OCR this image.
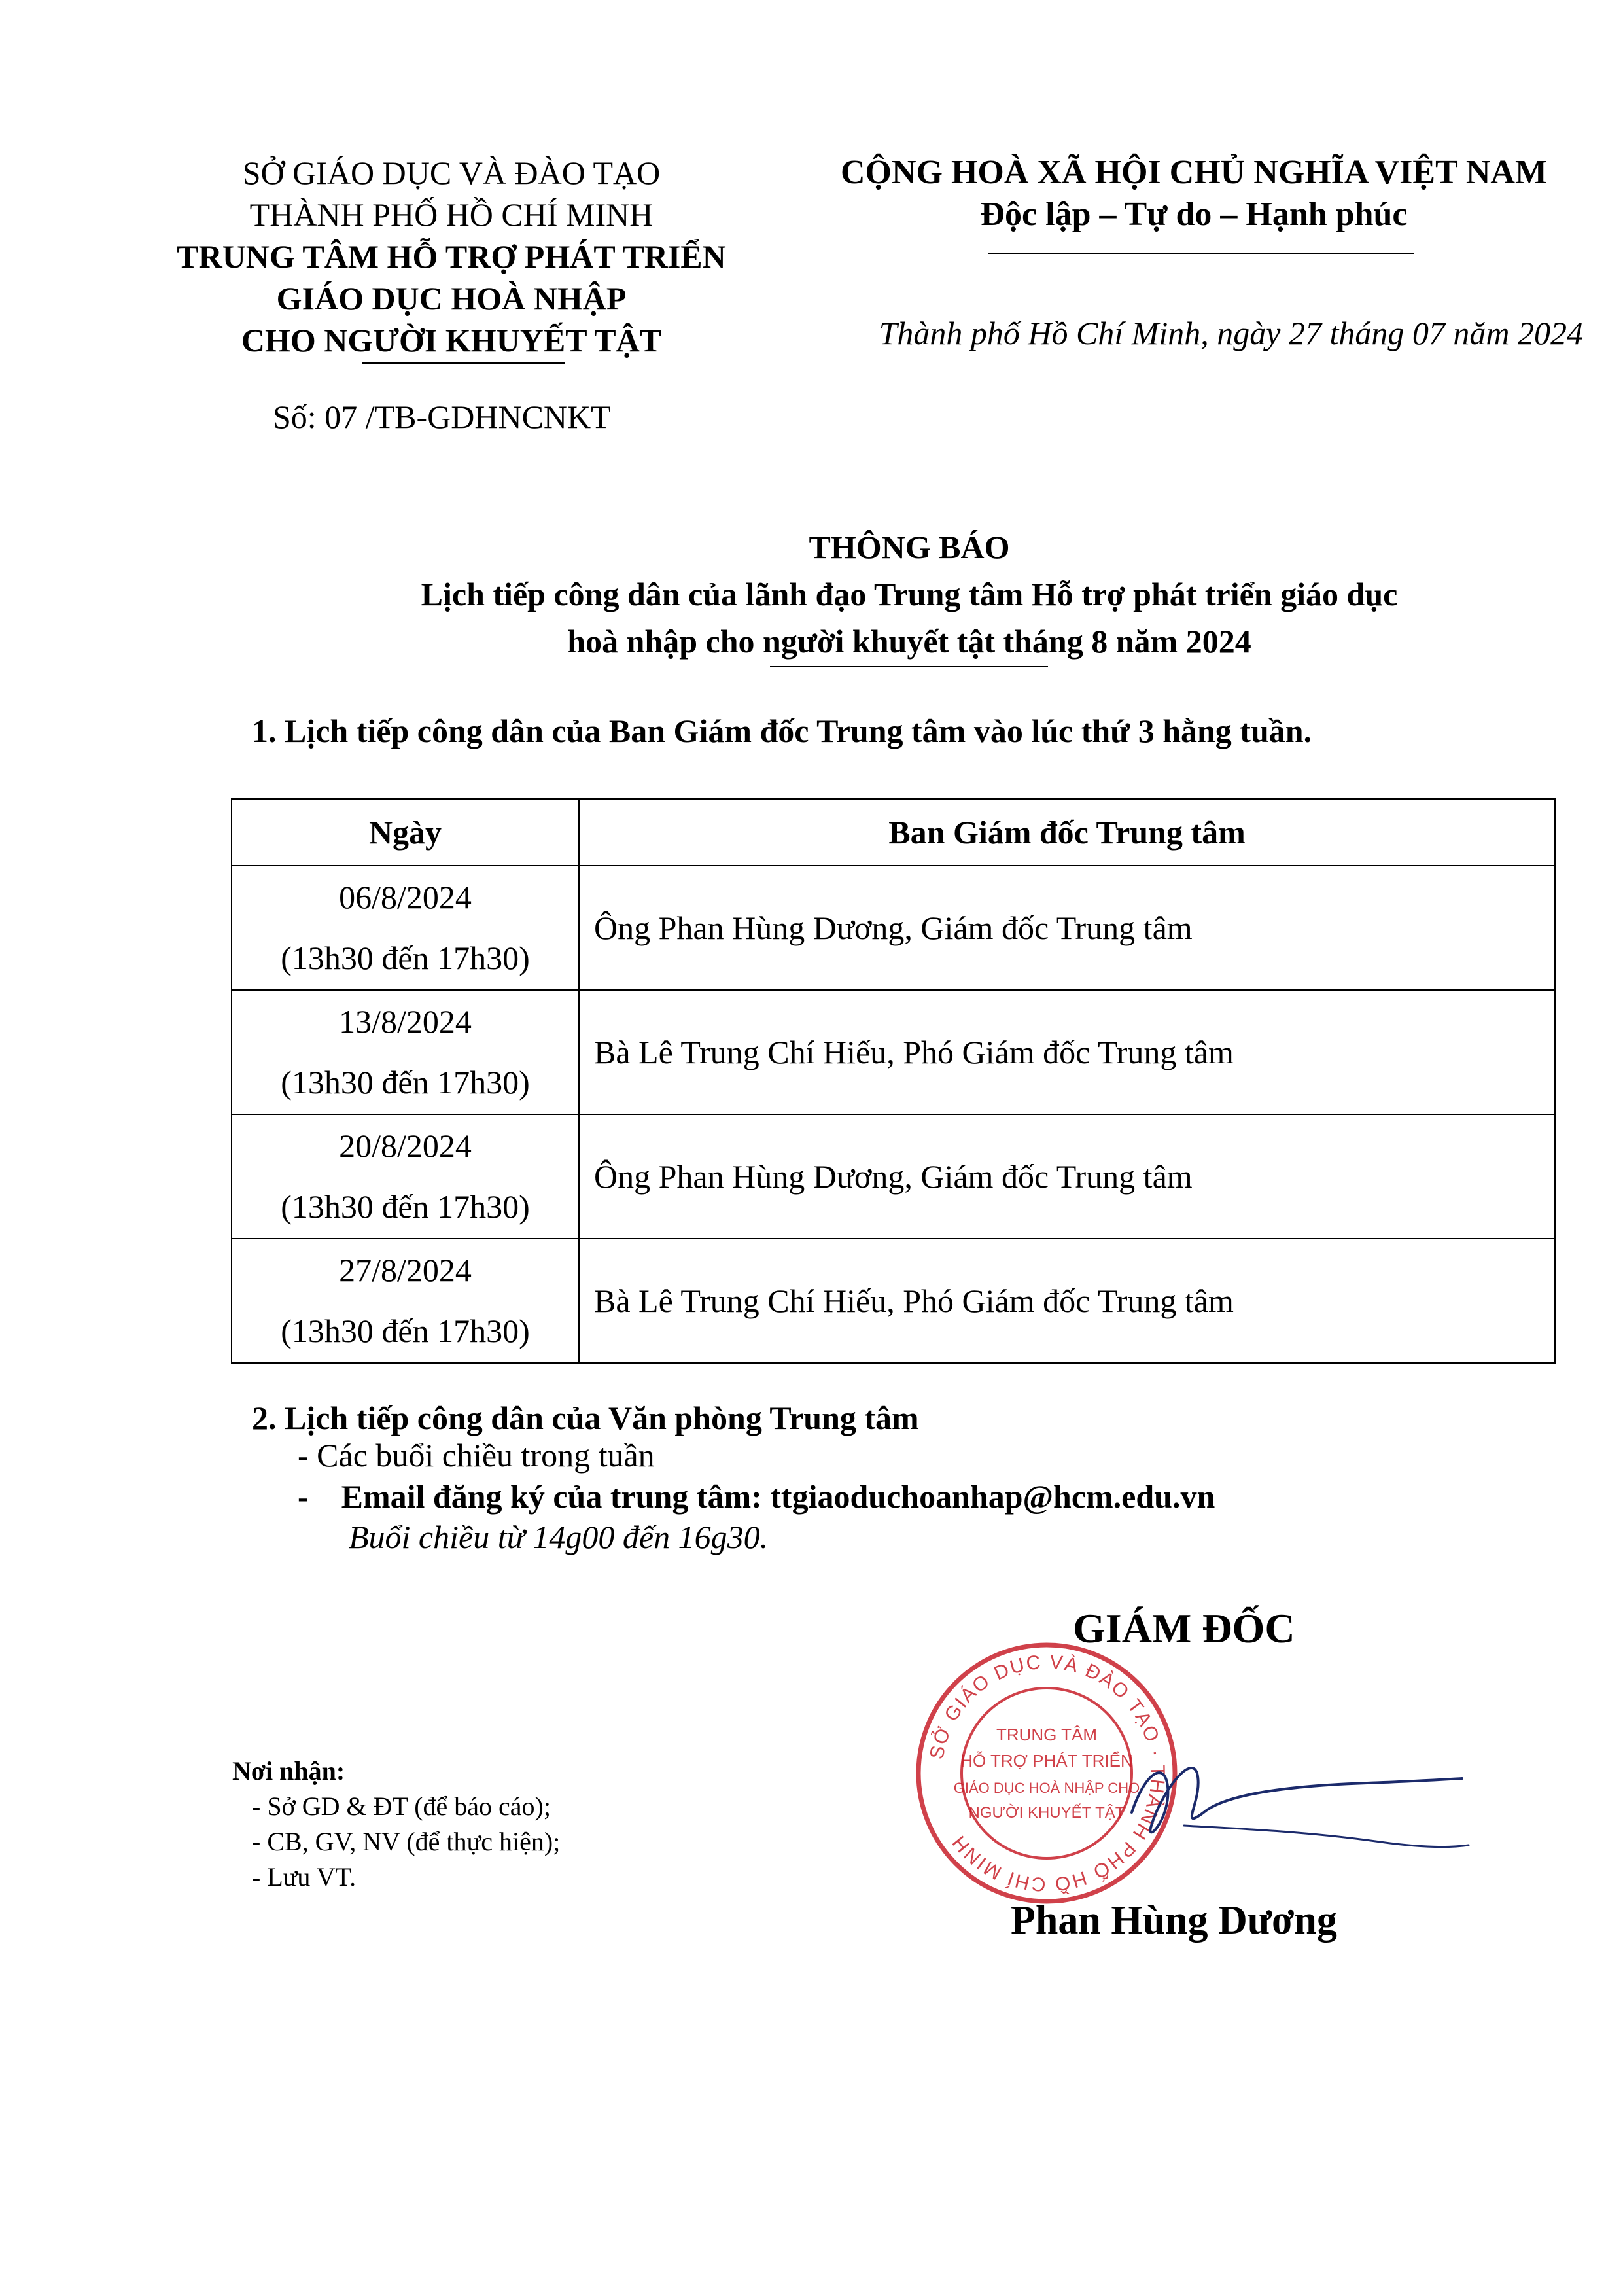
SỞ GIÁO DỤC VÀ ĐÀO TẠO
THÀNH PHỐ HỒ CHÍ MINH
TRUNG TÂM HỖ TRỢ PHÁT TRIỂN
GIÁO DỤC HOÀ NHẬP
CHO NGƯỜI KHUYẾT TẬT
CỘNG HOÀ XÃ HỘI CHỦ NGHĨA VIỆT NAM
Độc lập – Tự do – Hạnh phúc
Thành phố Hồ Chí Minh, ngày 27 tháng 07 năm 2024
Số: 07 /TB-GDHNCNKT
THÔNG BÁO
Lịch tiếp công dân của lãnh đạo Trung tâm Hỗ trợ phát triển giáo dục
hoà nhập cho người khuyết tật tháng 8 năm 2024
1. Lịch tiếp công dân của Ban Giám đốc Trung tâm vào lúc thứ 3 hằng tuần.
Ngày	Ban Giám đốc Trung tâm

06/8/2024
(13h30 đến 17h30)	Ông Phan Hùng Dương, Giám đốc Trung tâm

13/8/2024
(13h30 đến 17h30)	Bà Lê Trung Chí Hiếu, Phó Giám đốc Trung tâm

20/8/2024
(13h30 đến 17h30)	Ông Phan Hùng Dương, Giám đốc Trung tâm

27/8/2024
(13h30 đến 17h30)	Bà Lê Trung Chí Hiếu, Phó Giám đốc Trung tâm
2. Lịch tiếp công dân của Văn phòng Trung tâm
- Các buổi chiều trong tuần
-    Email đăng ký của trung tâm: ttgiaoduchoanhap@hcm.edu.vn
Buổi chiều từ 14g00 đến 16g30.
GIÁM ĐỐC
SỞ GIÁO DỤC VÀ ĐÀO TẠO · THÀNH PHỐ HỒ CHÍ MINH
TRUNG TÂM
HỖ TRỢ PHÁT TRIỂN
GIÁO DỤC HOÀ NHẬP CHO
NGƯỜI KHUYẾT TẬT
Phan Hùng Dương
Nơi nhận:
- Sở GD & ĐT (để báo cáo);
- CB, GV, NV (để thực hiện);
- Lưu VT.
